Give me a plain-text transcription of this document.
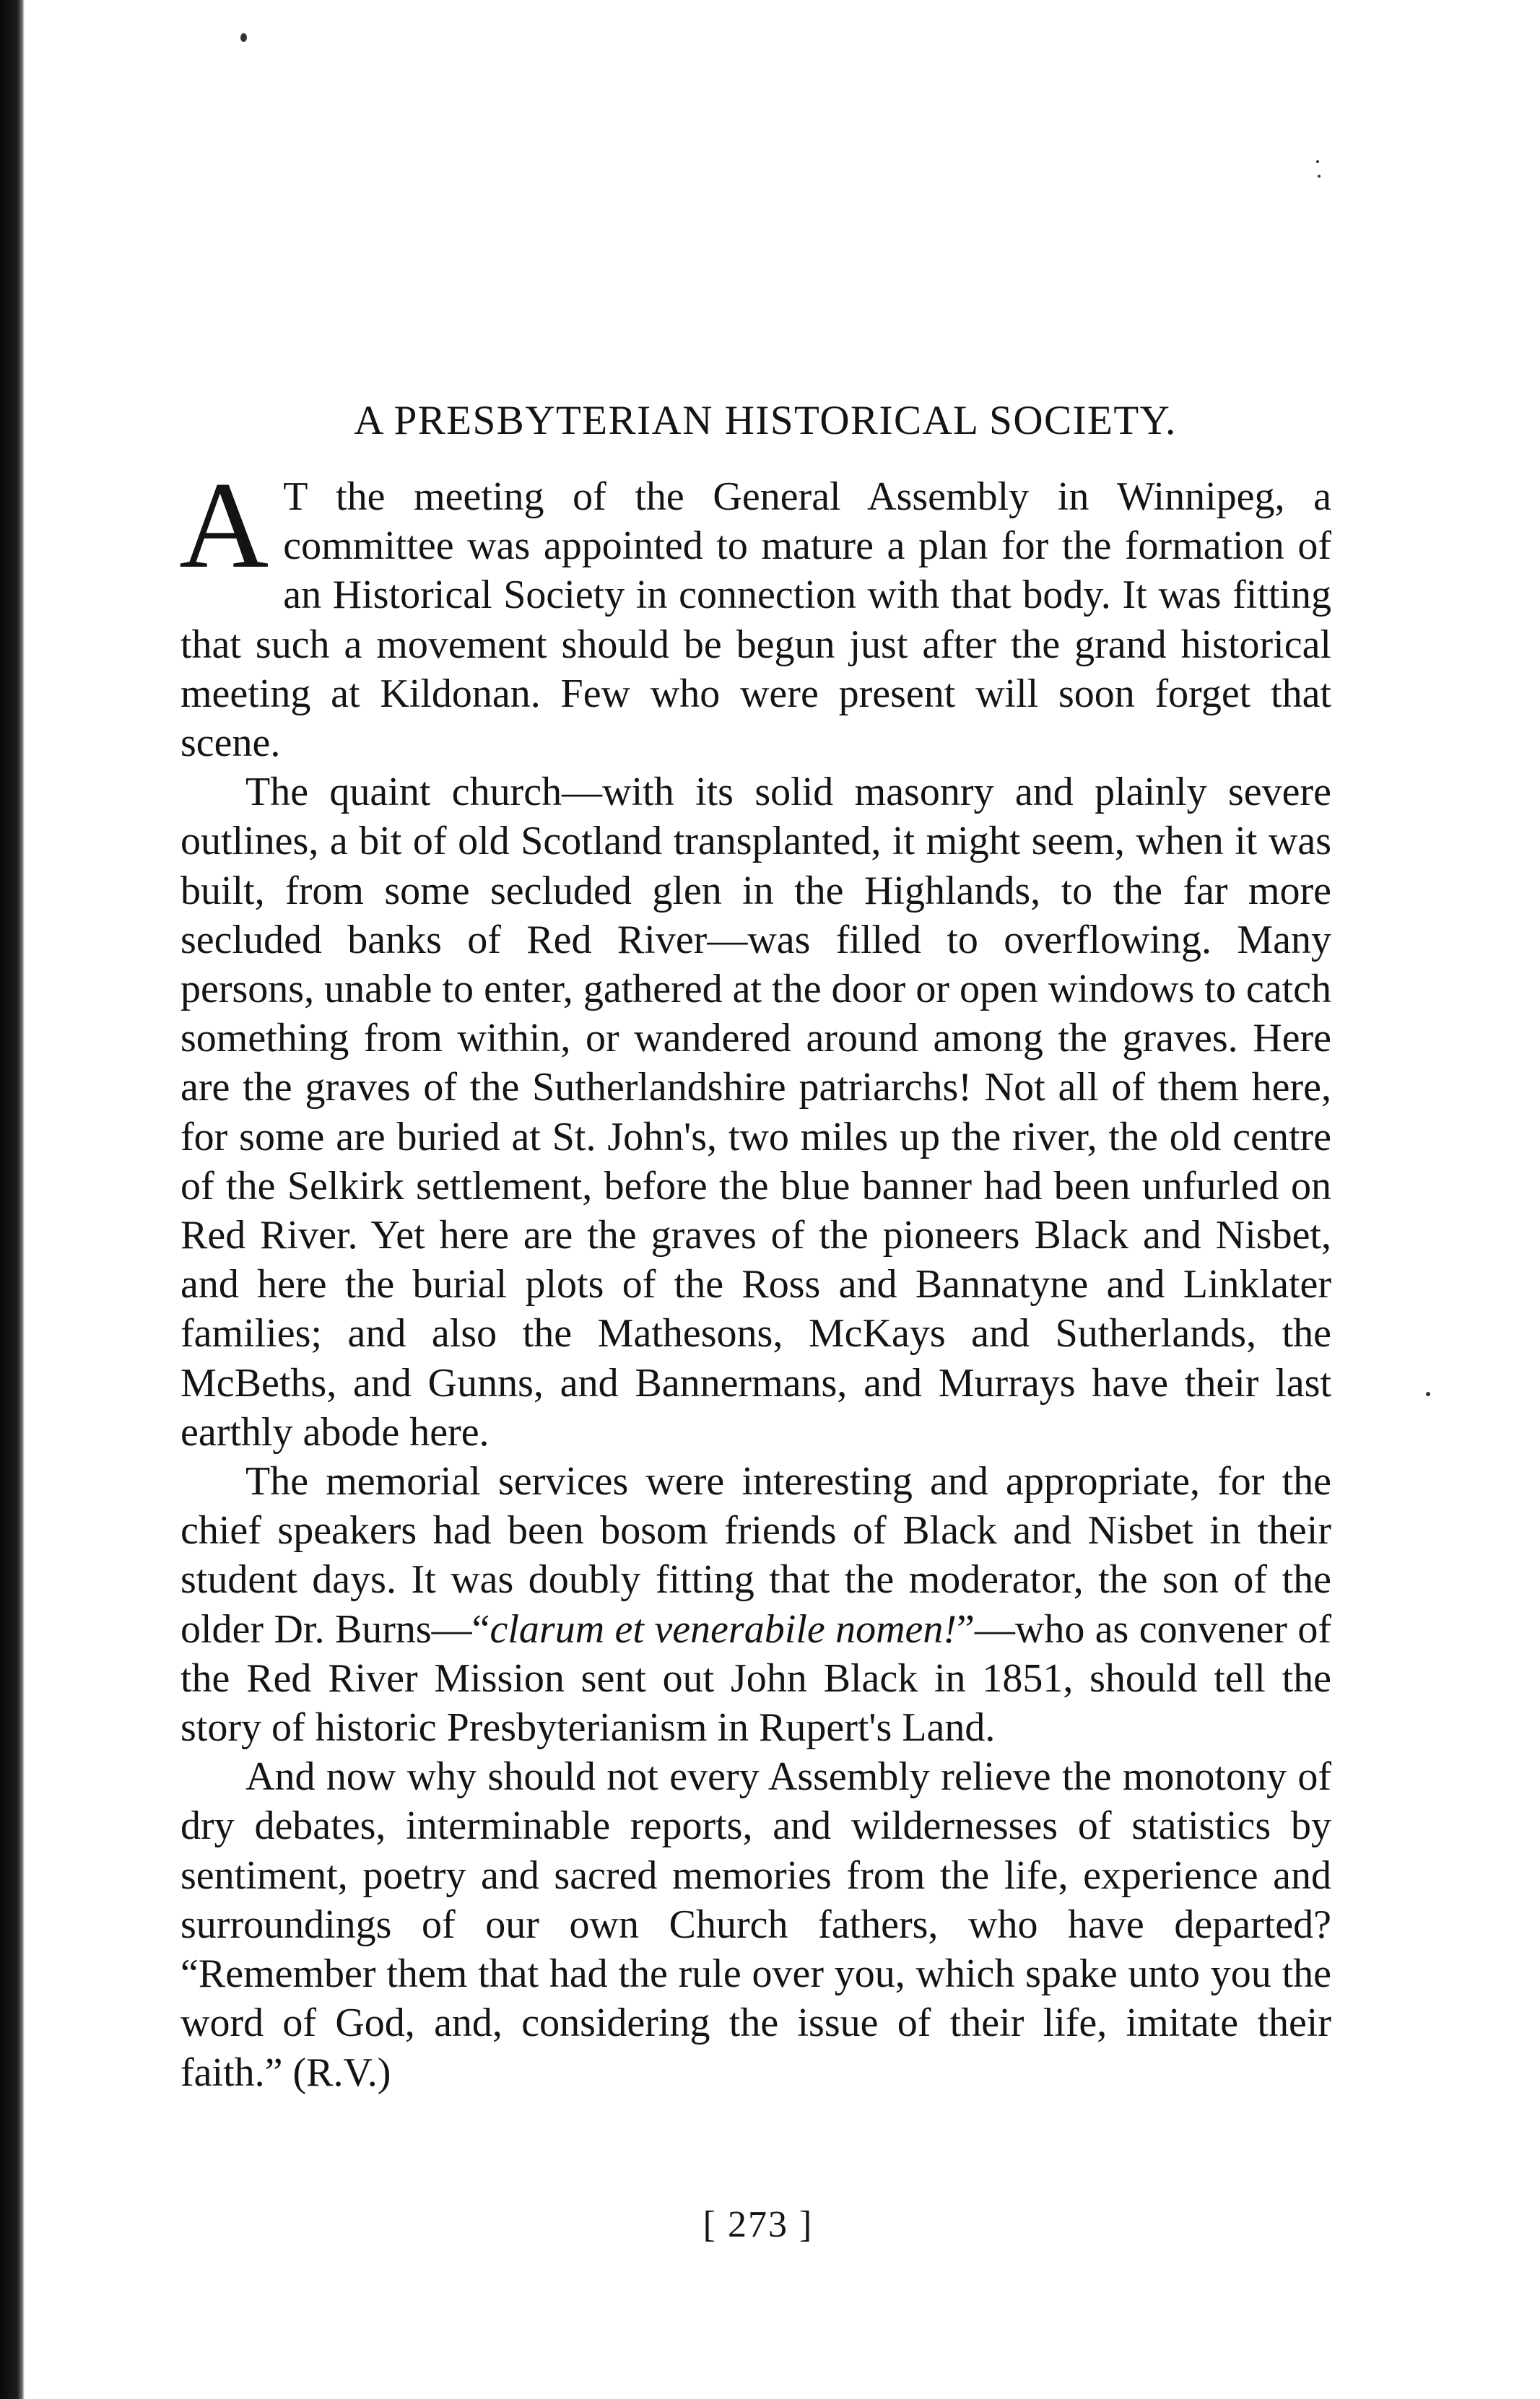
A PRESBYTERIAN HISTORICAL SOCIETY.

A T the meeting of the General Assembly in Winnipeg, a committee was appointed to mature a plan for the formation of an Historical Society in connection with that body. It was fitting that such a movement should be begun just after the grand historical meeting at Kildonan. Few who were present will soon forget that scene.

The quaint church—with its solid masonry and plainly severe outlines, a bit of old Scotland transplanted, it might seem, when it was built, from some secluded glen in the Highlands, to the far more secluded banks of Red River—was filled to overflowing. Many persons, unable to enter, gathered at the door or open windows to catch something from within, or wandered around among the graves. Here are the graves of the Sutherlandshire patriarchs! Not all of them here, for some are buried at St. John's, two miles up the river, the old centre of the Selkirk settlement, before the blue banner had been unfurled on Red River. Yet here are the graves of the pioneers Black and Nisbet, and here the burial plots of the Ross and Bannatyne and Linklater families; and also the Mathesons, McKays and Sutherlands, the McBeths, and Gunns, and Bannermans, and Murrays have their last earthly abode here.

The memorial services were interesting and appropriate, for the chief speakers had been bosom friends of Black and Nisbet in their student days. It was doubly fitting that the moderator, the son of the older Dr. Burns—“clarum et venerabile nomen!”—who as convener of the Red River Mission sent out John Black in 1851, should tell the story of historic Presbyterianism in Rupert's Land.

And now why should not every Assembly relieve the monotony of dry debates, interminable reports, and wildernesses of statistics by sentiment, poetry and sacred memories from the life, experience and surroundings of our own Church fathers, who have departed? “Remember them that had the rule over you, which spake unto you the word of God, and, considering the issue of their life, imitate their faith.” (R.V.)

[ 273 ]
